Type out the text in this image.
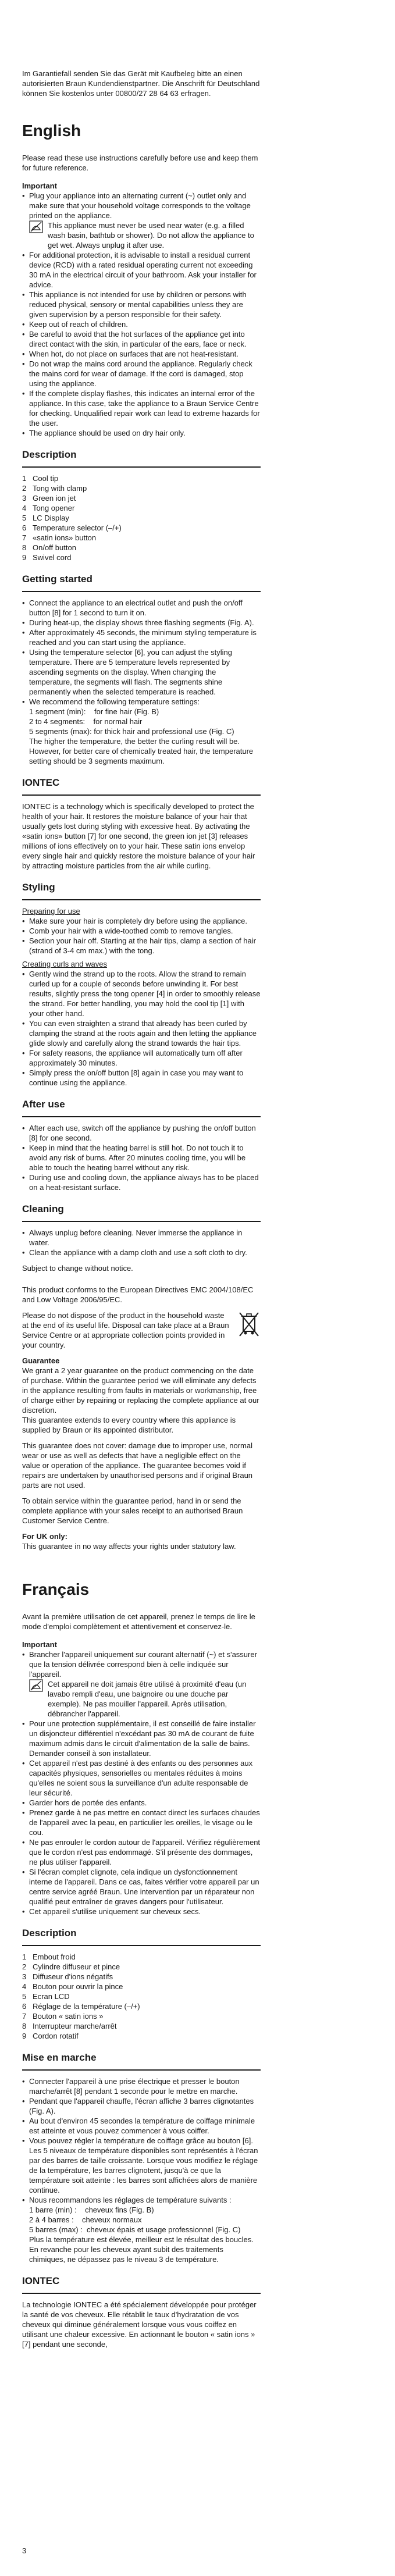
Im Garantiefall senden Sie das Gerät mit Kaufbeleg bitte an einen autorisierten Braun Kundendienstpartner. Die Anschrift für Deutschland können Sie kostenlos unter 00800/27 28 64 63 erfragen.

English

Please read these use instructions carefully before use and keep them for future reference.

Important
• Plug your appliance into an alternating current (~) outlet only and make sure that your household voltage corresponds to the voltage printed on the appliance.
This appliance must never be used near water (e.g. a filled wash basin, bathtub or shower). Do not allow the appliance to get wet. Always unplug it after use.
• For additional protection, it is advisable to install a residual current device (RCD) with a rated residual operating current not exceeding 30 mA in the electrical circuit of your bathroom. Ask your installer for advice.
• This appliance is not intended for use by children or persons with reduced physical, sensory or mental capabilities unless they are given supervision by a person responsible for their safety.
• Keep out of reach of children.
• Be careful to avoid that the hot surfaces of the appliance get into direct contact with the skin, in particular of the ears, face or neck.
• When hot, do not place on surfaces that are not heat-resistant.
• Do not wrap the mains cord around the appliance. Regularly check the mains cord for wear of damage. If the cord is damaged, stop using the appliance.
• If the complete display flashes, this indicates an internal error of the appliance. In this case, take the appliance to a Braun Service Centre for checking. Unqualified repair work can lead to extreme hazards for the user.
• The appliance should be used on dry hair only.
Description
1 Cool tip
2 Tong with clamp
3 Green ion jet
4 Tong opener
5 LC Display
6 Temperature selector (–/+)
7 «satin ions» button
8 On/off button
9 Swivel cord
Getting started
• Connect the appliance to an electrical outlet and push the on/off button [8] for 1 second to turn it on.
• During heat-up, the display shows three flashing segments (Fig. A).
• After approximately 45 seconds, the minimum styling temperature is reached and you can start using the appliance.
• Using the temperature selector [6], you can adjust the styling temperature. There are 5 temperature levels represented by ascending segments on the display. When changing the temperature, the segments will flash. The segments shine permanently when the selected temperature is reached.
• We recommend the following temperature settings:
1 segment (min):    for fine hair (Fig. B)
2 to 4 segments:    for normal hair
5 segments (max): for thick hair and professional use (Fig. C)
The higher the temperature, the better the curling result will be. However, for better care of chemically treated hair, the temperature setting should be 3 segments maximum.
IONTEC

IONTEC is a technology which is specifically developed to protect the health of your hair. It restores the moisture balance of your hair that usually gets lost during styling with excessive heat. By activating the «satin ions» button [7] for one second, the green ion jet [3] releases millions of ions effectively on to your hair. These satin ions envelop every single hair and quickly restore the moisture balance of your hair by attracting moisture particles from the air while curling.

Styling
Preparing for use
• Make sure your hair is completely dry before using the appliance.
• Comb your hair with a wide-toothed comb to remove tangles.
• Section your hair off. Starting at the hair tips, clamp a section of hair (strand of 3-4 cm max.) with the tong.
Creating curls and waves
• Gently wind the strand up to the roots. Allow the strand to remain curled up for a couple of seconds before unwinding it. For best results, slightly press the tong opener [4] in order to smoothly release the strand. For better handling, you may hold the cool tip [1] with your other hand.
• You can even straighten a strand that already has been curled by clamping the strand at the roots again and then letting the appliance glide slowly and carefully along the strand towards the hair tips.
• For safety reasons, the appliance will automatically turn off after approximately 30 minutes.
• Simply press the on/off button [8] again in case you may want to continue using the appliance.
After use
• After each use, switch off the appliance by pushing the on/off button [8] for one second.
• Keep in mind that the heating barrel is still hot. Do not touch it to avoid any risk of burns. After 20 minutes cooling time, you will be able to touch the heating barrel without any risk.
• During use and cooling down, the appliance always has to be placed on a heat-resistant surface.
Cleaning
• Always unplug before cleaning. Never immerse the appliance in water.
• Clean the appliance with a damp cloth and use a soft cloth to dry.

Subject to change without notice.

This product conforms to the European Directives EMC 2004/108/EC and Low Voltage 2006/95/EC.

Please do not dispose of the product in the household waste at the end of its useful life. Disposal can take place at a Braun Service Centre or at appropriate collection points provided in your country.

Guarantee

We grant a 2 year guarantee on the product commencing on the date of purchase. Within the guarantee period we will eliminate any defects in the appliance resulting from faults in materials or workmanship, free of charge either by repairing or replacing the complete appliance at our discretion.

This guarantee extends to every country where this appliance is supplied by Braun or its appointed distributor.

This guarantee does not cover: damage due to improper use, normal wear or use as well as defects that have a negligible effect on the value or operation of the appliance. The guarantee becomes void if repairs are undertaken by unauthorised persons and if original Braun parts are not used.

To obtain service within the guarantee period, hand in or send the complete appliance with your sales receipt to an authorised Braun Customer Service Centre.

For UK only:

This guarantee in no way affects your rights under statutory law.

Français

Avant la première utilisation de cet appareil, prenez le temps de lire le mode d'emploi complètement et attentivement et conservez-le.

Important
• Brancher l'appareil uniquement sur courant alternatif (~) et s'assurer que la tension délivrée correspond bien à celle indiquée sur l'appareil.
Cet appareil ne doit jamais être utilisé à proximité d'eau (un lavabo rempli d'eau, une baignoire ou une douche par exemple). Ne pas mouiller l'appareil. Après utilisation, débrancher l'appareil.
• Pour une protection supplémentaire, il est conseillé de faire installer un disjoncteur différentiel n'excédant pas 30 mA de courant de fuite maximum admis dans le circuit d'alimentation de la salle de bains. Demander conseil à son installateur.
• Cet appareil n'est pas destiné à des enfants ou des personnes aux capacités physiques, sensorielles ou mentales réduites à moins qu'elles ne soient sous la surveillance d'un adulte responsable de leur sécurité.
• Garder hors de portée des enfants.
• Prenez garde à ne pas mettre en contact direct les surfaces chaudes de l'appareil avec la peau, en particulier les oreilles, le visage ou le cou.
• Ne pas enrouler le cordon autour de l'appareil. Vérifiez régulièrement que le cordon n'est pas endommagé. S'il présente des dommages, ne plus utiliser l'appareil.
• Si l'écran complet clignote, cela indique un dysfonctionnement interne de l'appareil. Dans ce cas, faites vérifier votre appareil par un centre service agréé Braun. Une intervention par un réparateur non qualifié peut entraîner de graves dangers pour l'utilisateur.
• Cet appareil s'utilise uniquement sur cheveux secs.
Description
1 Embout froid
2 Cylindre diffuseur et pince
3 Diffuseur d'ions négatifs
4 Bouton pour ouvrir la pince
5 Ecran LCD
6 Réglage de la température (–/+)
7 Bouton « satin ions »
8 Interrupteur marche/arrêt
9 Cordon rotatif
Mise en marche
• Connecter l'appareil à une prise électrique et presser le bouton marche/arrêt [8] pendant 1 seconde pour le mettre en marche.
• Pendant que l'appareil chauffe, l'écran affiche 3 barres clignotantes (Fig. A).
• Au bout d'environ 45 secondes la température de coiffage minimale est atteinte et vous pouvez commencer à vous coiffer.
• Vous pouvez régler la température de coiffage grâce au bouton [6]. Les 5 niveaux de température disponibles sont représentés à l'écran par des barres de taille croissante. Lorsque vous modifiez le réglage de la température, les barres clignotent, jusqu'à ce que la température soit atteinte : les barres sont affichées alors de manière continue.
• Nous recommandons les réglages de température suivants :
1 barre (min) :    cheveux fins (Fig. B)
2 à 4 barres :    cheveux normaux
5 barres (max) :  cheveux épais et usage professionnel (Fig. C)
Plus la température est élevée, meilleur est le résultat des boucles.
En revanche pour les cheveux ayant subit des traitements chimiques, ne dépassez pas le niveau 3 de température.
IONTEC

La technologie IONTEC a été spécialement développée pour protéger la santé de vos cheveux. Elle rétablit le taux d'hydratation de vos cheveux qui diminue généralement lorsque vous vous coiffez en utilisant une chaleur excessive. En actionnant le bouton « satin ions » [7] pendant une seconde,

3
